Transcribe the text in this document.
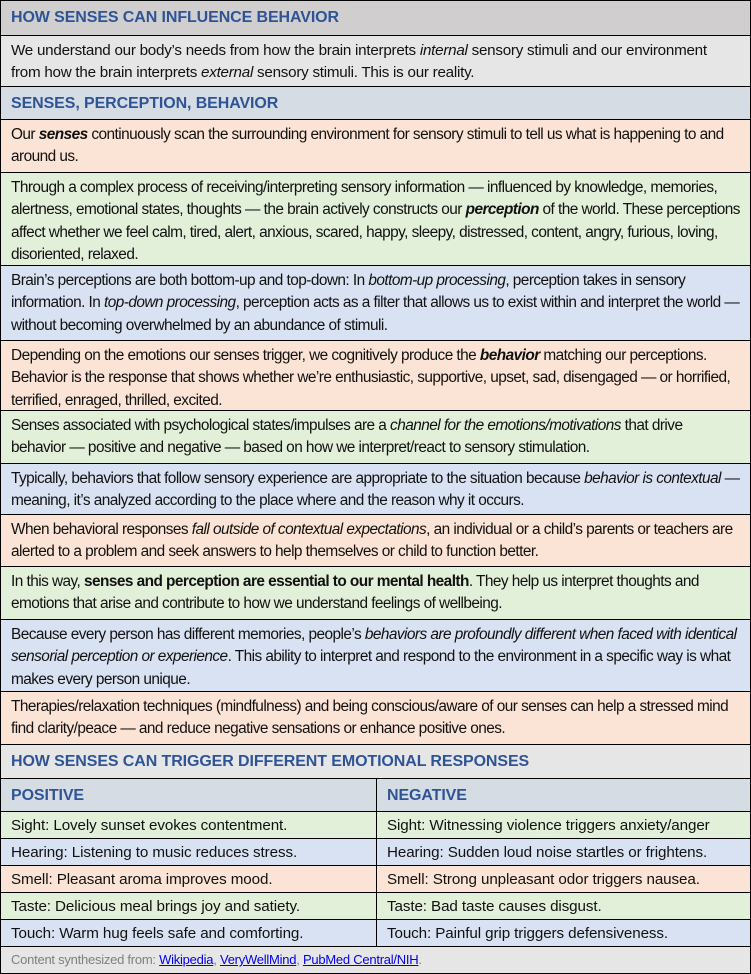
HOW SENSES CAN INFLUENCE BEHAVIOR
We understand our body’s needs from how the brain interprets internal sensory stimuli and our environment from how the brain interprets external sensory stimuli. This is our reality.
SENSES, PERCEPTION, BEHAVIOR
Our senses continuously scan the surrounding environment for sensory stimuli to tell us what is happening to and around us.
Through a complex process of receiving/interpreting sensory information — influenced by knowledge, memories, alertness, emotional states, thoughts — the brain actively constructs our perception of the world. These perceptions affect whether we feel calm, tired, alert, anxious, scared, happy, sleepy, distressed, content, angry, furious, loving, disoriented, relaxed.
Brain’s perceptions are both bottom-up and top-down: In bottom-up processing, perception takes in sensory information. In top-down processing, perception acts as a filter that allows us to exist within and interpret the world — without becoming overwhelmed by an abundance of stimuli.
Depending on the emotions our senses trigger, we cognitively produce the behavior matching our perceptions. Behavior is the response that shows whether we’re enthusiastic, supportive, upset, sad, disengaged — or horrified, terrified, enraged, thrilled, excited.
Senses associated with psychological states/impulses are a channel for the emotions/motivations that drive behavior — positive and negative — based on how we interpret/react to sensory stimulation.
Typically, behaviors that follow sensory experience are appropriate to the situation because behavior is contextual — meaning, it’s analyzed according to the place where and the reason why it occurs.
When behavioral responses fall outside of contextual expectations, an individual or a child’s parents or teachers are alerted to a problem and seek answers to help themselves or child to function better.
In this way, senses and perception are essential to our mental health. They help us interpret thoughts and emotions that arise and contribute to how we understand feelings of wellbeing.
Because every person has different memories, people’s behaviors are profoundly different when faced with identical sensorial perception or experience. This ability to interpret and respond to the environment in a specific way is what makes every person unique.
Therapies/relaxation techniques (mindfulness) and being conscious/aware of our senses can help a stressed mind find clarity/peace — and reduce negative sensations or enhance positive ones.
HOW SENSES CAN TRIGGER DIFFERENT EMOTIONAL RESPONSES
POSITIVE	NEGATIVE
Sight: Lovely sunset evokes contentment.	Sight: Witnessing violence triggers anxiety/anger
Hearing: Listening to music reduces stress.	Hearing: Sudden loud noise startles or frightens.
Smell: Pleasant aroma improves mood.	Smell: Strong unpleasant odor triggers nausea.
Taste: Delicious meal brings joy and satiety.	Taste: Bad taste causes disgust.
Touch: Warm hug feels safe and comforting.	Touch: Painful grip triggers defensiveness.
Content synthesized from: Wikipedia, VeryWellMind, PubMed Central/NIH.
